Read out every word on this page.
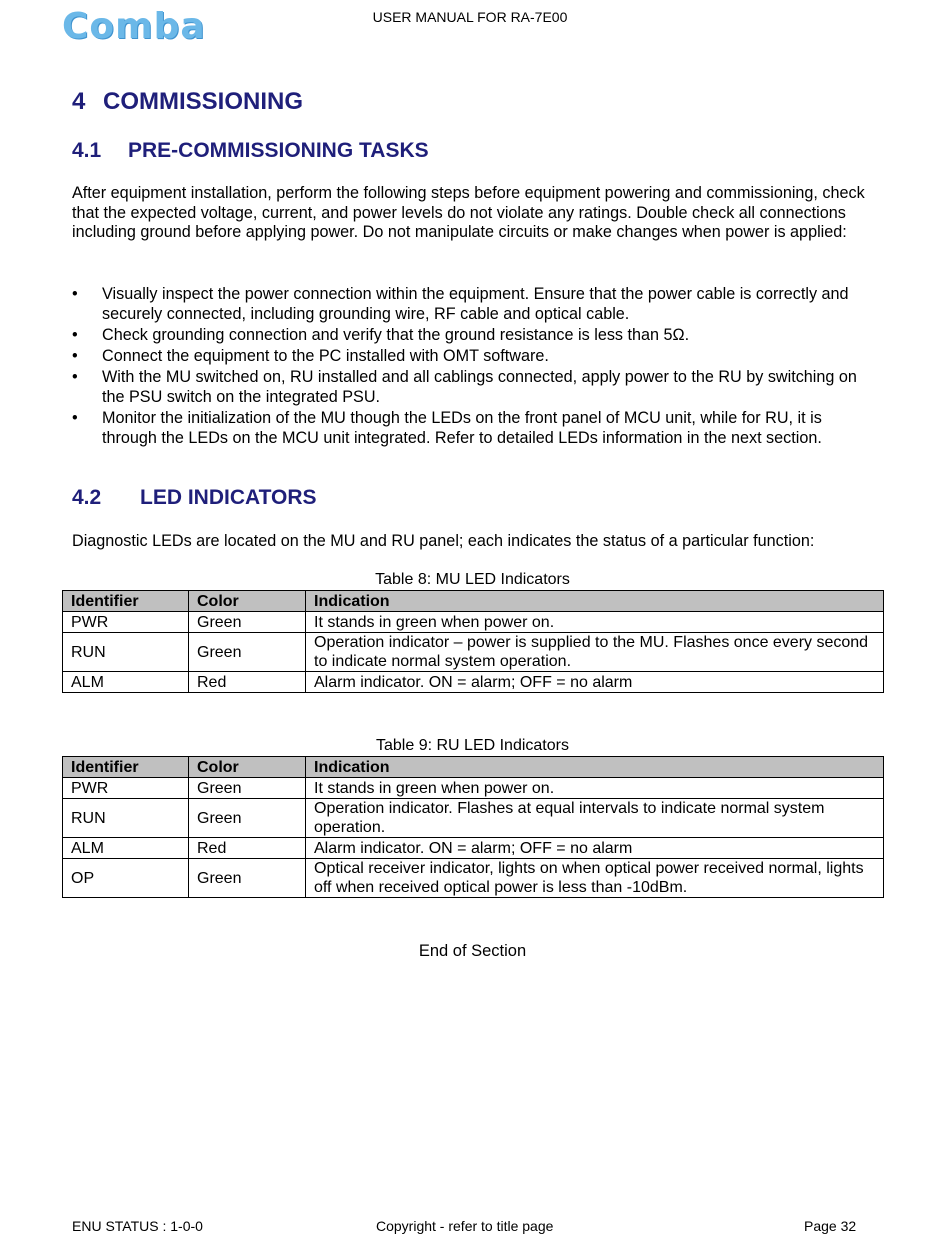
Comba	USER MANUAL FOR RA-7E00
4 COMMISSIONING
4.1 PRE-COMMISSIONING TASKS
After equipment installation, perform the following steps before equipment powering and commissioning, check that the expected voltage, current, and power levels do not violate any ratings. Double check all connections including ground before applying power. Do not manipulate circuits or make changes when power is applied:
• Visually inspect the power connection within the equipment. Ensure that the power cable is correctly and securely connected, including grounding wire, RF cable and optical cable.
• Check grounding connection and verify that the ground resistance is less than 5Ω.
• Connect the equipment to the PC installed with OMT software.
• With the MU switched on, RU installed and all cablings connected, apply power to the RU by switching on the PSU switch on the integrated PSU.
• Monitor the initialization of the MU though the LEDs on the front panel of MCU unit, while for RU, it is through the LEDs on the MCU unit integrated. Refer to detailed LEDs information in the next section.
4.2 LED INDICATORS
Diagnostic LEDs are located on the MU and RU panel; each indicates the status of a particular function:
Table 8: MU LED Indicators
Identifier	Color	Indication
PWR	Green	It stands in green when power on.
RUN	Green	Operation indicator – power is supplied to the MU. Flashes once every second to indicate normal system operation.
ALM	Red	Alarm indicator. ON = alarm; OFF = no alarm
Table 9: RU LED Indicators
Identifier	Color	Indication
PWR	Green	It stands in green when power on.
RUN	Green	Operation indicator. Flashes at equal intervals to indicate normal system operation.
ALM	Red	Alarm indicator. ON = alarm; OFF = no alarm
OP	Green	Optical receiver indicator, lights on when optical power received normal, lights off when received optical power is less than -10dBm.
End of Section
ENU STATUS : 1-0-0	Copyright - refer to title page	Page 32
